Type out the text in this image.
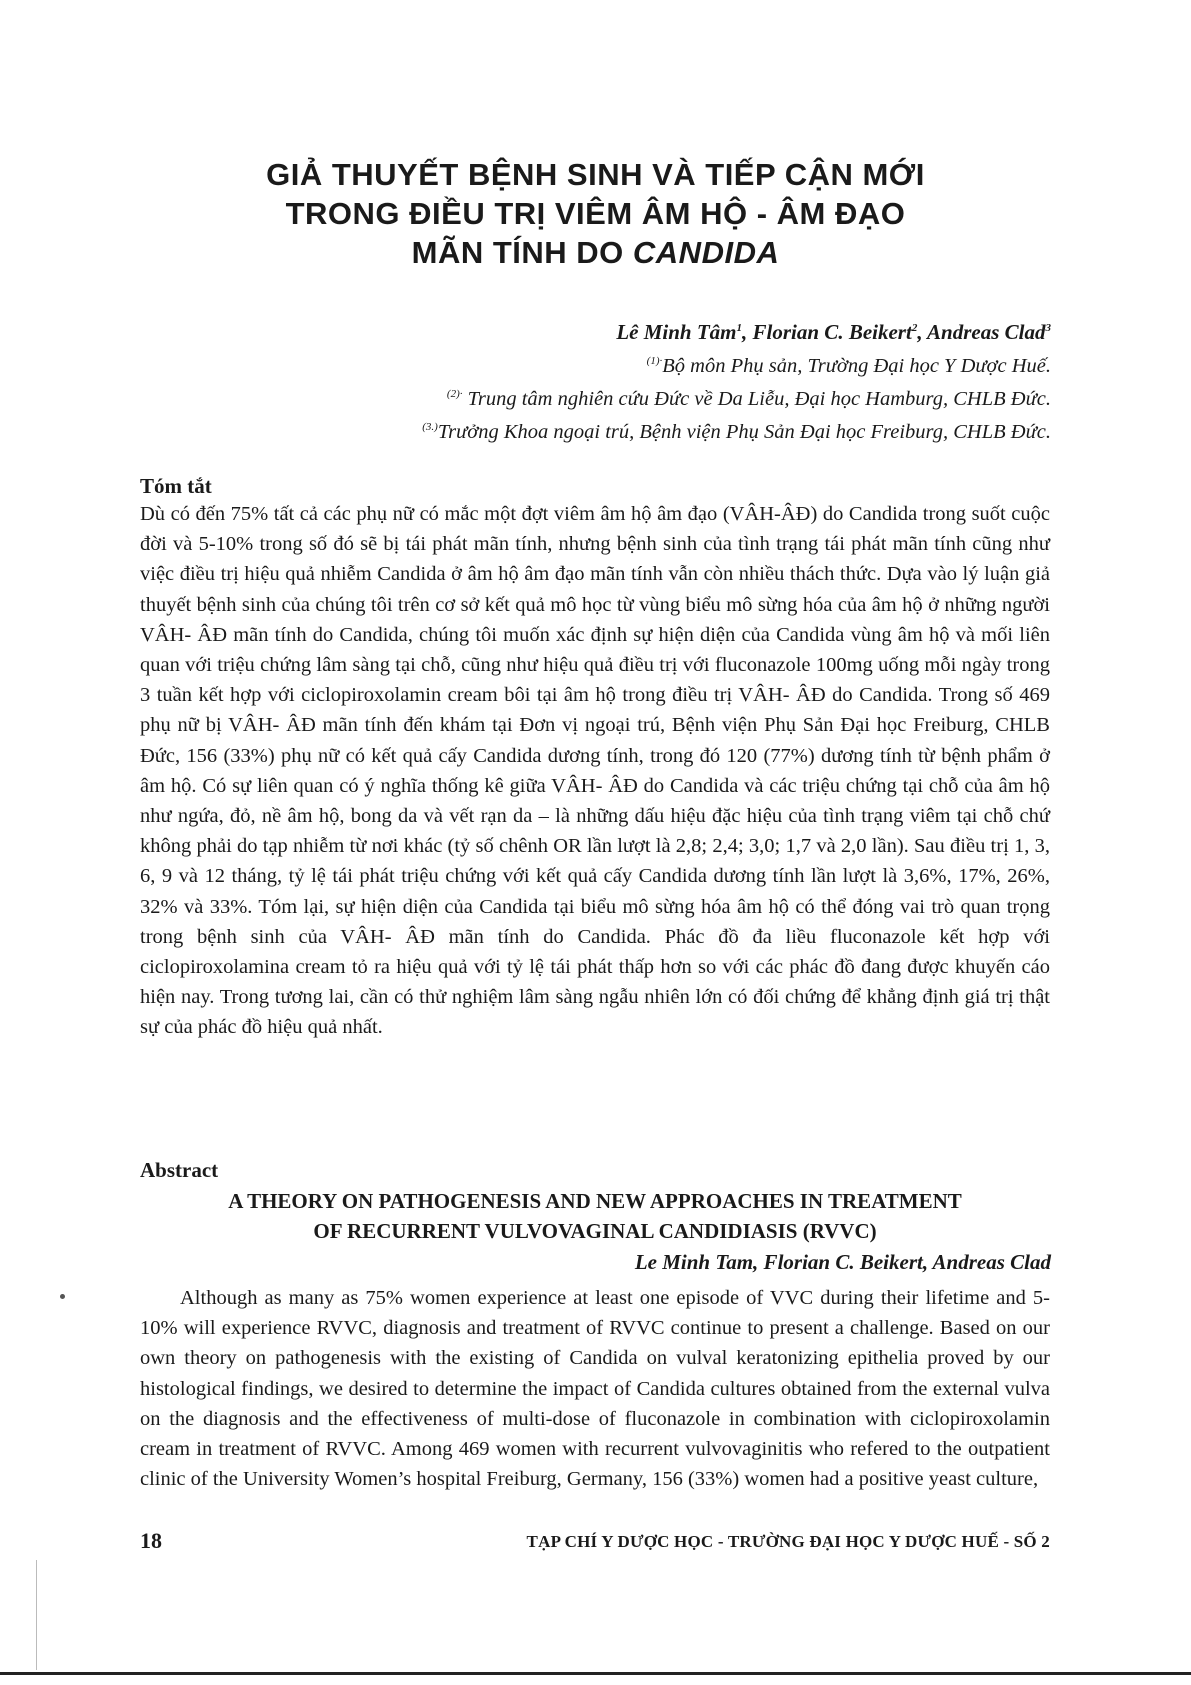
GIẢ THUYẾT BỆNH SINH VÀ TIẾP CẬN MỚI
TRONG ĐIỀU TRỊ VIÊM ÂM HỘ - ÂM ĐẠO
MÃN TÍNH DO CANDIDA
Lê Minh Tâm$^1$, Florian C. Beikert$^2$, Andreas Clad$^3$
$^{(1)\cdot}$Bộ môn Phụ sản, Trường Đại học Y Dược Huế.
$^{(2)\cdot}$ Trung tâm nghiên cứu Đức về Da Liễu, Đại học Hamburg, CHLB Đức.
$^{(3.)}$Trưởng Khoa ngoại trú, Bệnh viện Phụ Sản Đại học Freiburg, CHLB Đức.
Tóm tắt
Dù có đến 75% tất cả các phụ nữ có mắc một đợt viêm âm hộ âm đạo (VÂH-ÂĐ) do Candida trong suốt cuộc đời và 5-10% trong số đó sẽ bị tái phát mãn tính, nhưng bệnh sinh của tình trạng tái phát mãn tính cũng như việc điều trị hiệu quả nhiễm Candida ở âm hộ âm đạo mãn tính vẫn còn nhiều thách thức. Dựa vào lý luận giả thuyết bệnh sinh của chúng tôi trên cơ sở kết quả mô học từ vùng biểu mô sừng hóa của âm hộ ở những người VÂH- ÂĐ mãn tính do Candida, chúng tôi muốn xác định sự hiện diện của Candida vùng âm hộ và mối liên quan với triệu chứng lâm sàng tại chỗ, cũng như hiệu quả điều trị với fluconazole 100mg uống mỗi ngày trong 3 tuần kết hợp với ciclopiroxolamin cream bôi tại âm hộ trong điều trị VÂH- ÂĐ do Candida. Trong số 469 phụ nữ bị VÂH- ÂĐ mãn tính đến khám tại Đơn vị ngoại trú, Bệnh viện Phụ Sản Đại học Freiburg, CHLB Đức, 156 (33%) phụ nữ có kết quả cấy Candida dương tính, trong đó 120 (77%) dương tính từ bệnh phẩm ở âm hộ. Có sự liên quan có ý nghĩa thống kê giữa VÂH- ÂĐ do Candida và các triệu chứng tại chỗ của âm hộ như ngứa, đỏ, nề âm hộ, bong da và vết rạn da – là những dấu hiệu đặc hiệu của tình trạng viêm tại chỗ chứ không phải do tạp nhiễm từ nơi khác (tỷ số chênh OR lần lượt là 2,8; 2,4; 3,0; 1,7 và 2,0 lần). Sau điều trị 1, 3, 6, 9 và 12 tháng, tỷ lệ tái phát triệu chứng với kết quả cấy Candida dương tính lần lượt là 3,6%, 17%, 26%, 32% và 33%. Tóm lại, sự hiện diện của Candida tại biểu mô sừng hóa âm hộ có thể đóng vai trò quan trọng trong bệnh sinh của VÂH- ÂĐ mãn tính do Candida. Phác đồ đa liều fluconazole kết hợp với ciclopiroxolamina cream tỏ ra hiệu quả với tỷ lệ tái phát thấp hơn so với các phác đồ đang được khuyến cáo hiện nay. Trong tương lai, cần có thử nghiệm lâm sàng ngẫu nhiên lớn có đối chứng để khẳng định giá trị thật sự của phác đồ hiệu quả nhất.
Abstract
A THEORY ON PATHOGENESIS AND NEW APPROACHES IN TREATMENT
OF RECURRENT VULVOVAGINAL CANDIDIASIS (RVVC)
Le Minh Tam, Florian C. Beikert, Andreas Clad
Although as many as 75% women experience at least one episode of VVC during their lifetime and 5-10% will experience RVVC, diagnosis and treatment of RVVC continue to present a challenge. Based on our own theory on pathogenesis with the existing of Candida on vulval keratonizing epithelia proved by our histological findings, we desired to determine the impact of Candida cultures obtained from the external vulva on the diagnosis and the effectiveness of multi-dose of fluconazole in combination with ciclopiroxolamin cream in treatment of RVVC. Among 469 women with recurrent vulvovaginitis who refered to the outpatient clinic of the University Women’s hospital Freiburg, Germany, 156 (33%) women had a positive yeast culture,
18	TẠP CHÍ Y DƯỢC HỌC - TRƯỜNG ĐẠI HỌC Y DƯỢC HUẾ - SỐ 2
